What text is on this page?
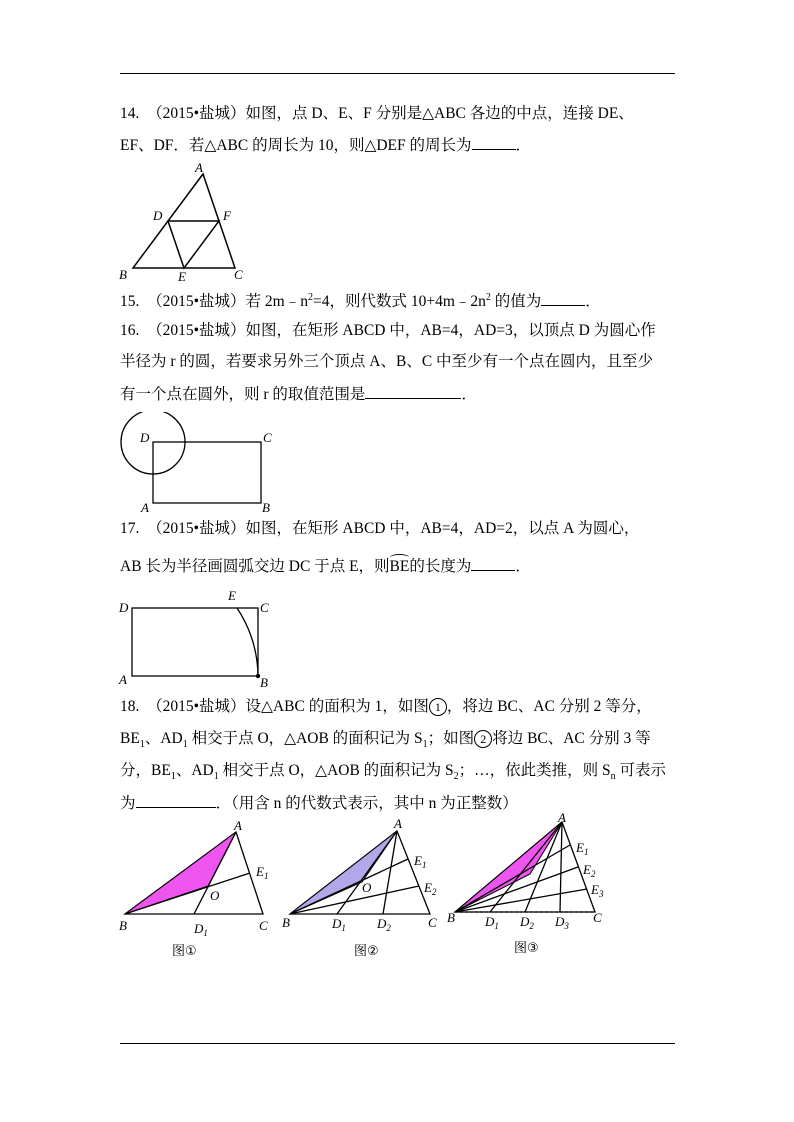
14.　（2015•盐城）如图，点 D、E、F 分别是△ABC 各边的中点，连接 DE、
EF、DF．若△ABC 的周长为 10，则△DEF 的周长为	．
A
B	C
D
E
F
15.　（2015•盐城）若 $2m﹣n^2=4$，则代数式 $10+4m﹣2n^2$ 的值为	．
16.　（2015•盐城）如图，在矩形 ABCD 中，AB=4，AD=3，以顶点 D 为圆心作
半径为 r 的圆，若要求另外三个顶点 A、B、C 中至少有一个点在圆内，且至少
有一个点在圆外，则 r 的取值范围是	．
D	C
A	B
17.　（2015•盐城）如图，在矩形 ABCD 中，AB=4，AD=2，以点 A 为圆心，
AB 长为半径画圆弧交边 DC 于点 E，则BE的长度为	．
D
E
C
A	B
18.　（2015•盐城）设△ABC 的面积为 1，如图 1 ，将边 BC、AC 分别 2 等分，
$BE_1$、$AD_1$ 相交于点 O，△AOB 的面积记为 $S_1$；如图 2 将边 BC、AC 分别 3 等
分，$BE_1$、$AD_1$ 相交于点 O，△AOB 的面积记为 $S_2$；…，依此类推，则 $S_n$ 可表示
为	．（用含 n 的代数式表示，其中 n 为正整数）
A
B	C
O
$E_1$
$D_1$
图①
A
B	C
O
$E_1$
$E_2$
$D_1$ $D_2$
图②
A
B	C
$E_1$
$E_2$
$E_3$
$D_1$ $D_2$ $D_3$
图③
